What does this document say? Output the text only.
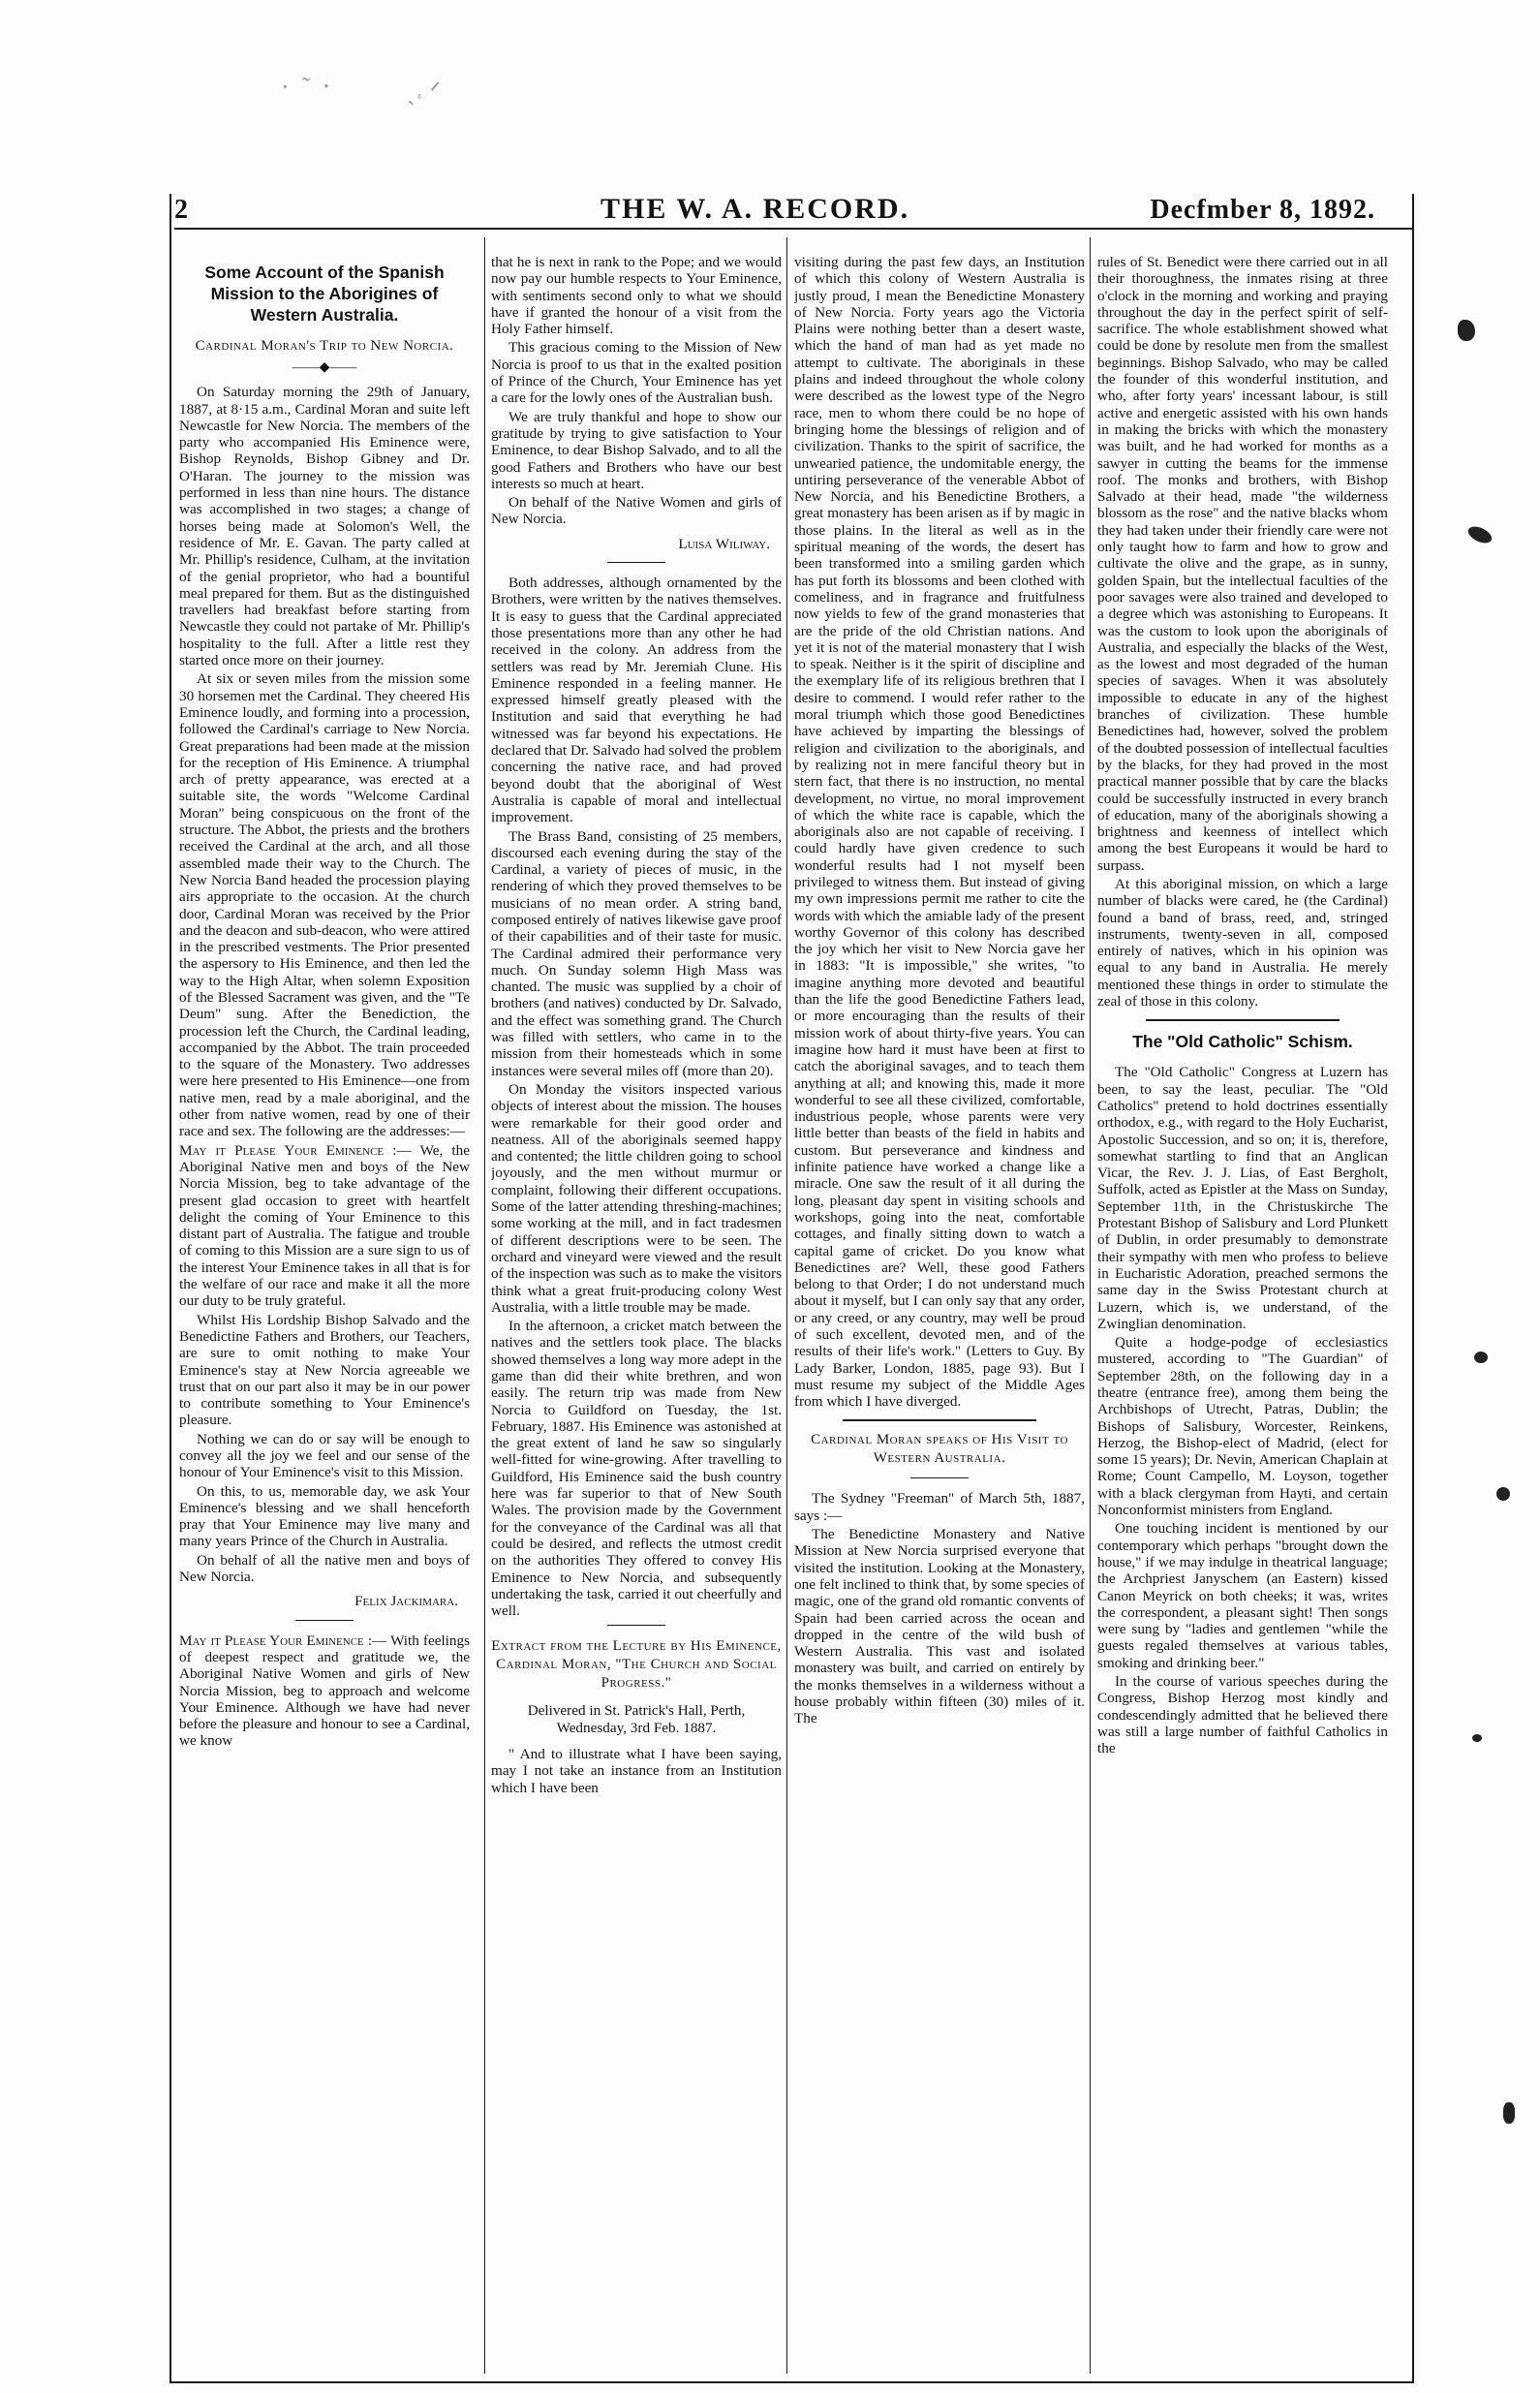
·  ˜  ⸱	ˎ˓ ᐟ
2	THE W. A. RECORD.	Decfmber 8, 1892.
Some Account of the Spanish Mission to the Aborigines of Western Australia.
Cardinal Moran's Trip to New Norcia.
——◆——

On Saturday morning the 29th of January, 1887, at 8·15 a.m., Cardinal Moran and suite left Newcastle for New Norcia. The members of the party who accompanied His Eminence were, Bishop Reynolds, Bishop Gibney and Dr. O'Haran. The journey to the mission was performed in less than nine hours. The distance was accomplished in two stages; a change of horses being made at Solomon's Well, the residence of Mr. E. Gavan. The party called at Mr. Phillip's residence, Culham, at the invitation of the genial proprietor, who had a bountiful meal prepared for them. But as the distinguished travellers had breakfast before starting from Newcastle they could not partake of Mr. Phillip's hospitality to the full. After a little rest they started once more on their journey.

At six or seven miles from the mission some 30 horsemen met the Cardinal. They cheered His Eminence loudly, and forming into a procession, followed the Cardinal's carriage to New Norcia. Great preparations had been made at the mission for the reception of His Eminence. A triumphal arch of pretty appearance, was erected at a suitable site, the words "Welcome Cardinal Moran" being conspicuous on the front of the structure. The Abbot, the priests and the brothers received the Cardinal at the arch, and all those assembled made their way to the Church. The New Norcia Band headed the procession playing airs appropriate to the occasion. At the church door, Cardinal Moran was received by the Prior and the deacon and sub-deacon, who were attired in the prescribed vestments. The Prior presented the aspersory to His Eminence, and then led the way to the High Altar, when solemn Exposition of the Blessed Sacrament was given, and the "Te Deum" sung. After the Benediction, the procession left the Church, the Cardinal leading, accompanied by the Abbot. The train proceeded to the square of the Monastery. Two addresses were here presented to His Eminence—one from native men, read by a male aboriginal, and the other from native women, read by one of their race and sex. The following are the addresses:—

May it Please Your Eminence :— We, the Aboriginal Native men and boys of the New Norcia Mission, beg to take advantage of the present glad occasion to greet with heartfelt delight the coming of Your Eminence to this distant part of Australia. The fatigue and trouble of coming to this Mission are a sure sign to us of the interest Your Eminence takes in all that is for the welfare of our race and make it all the more our duty to be truly grateful.

Whilst His Lordship Bishop Salvado and the Benedictine Fathers and Brothers, our Teachers, are sure to omit nothing to make Your Eminence's stay at New Norcia agreeable we trust that on our part also it may be in our power to contribute something to Your Eminence's pleasure.

Nothing we can do or say will be enough to convey all the joy we feel and our sense of the honour of Your Eminence's visit to this Mission.

On this, to us, memorable day, we ask Your Eminence's blessing and we shall henceforth pray that Your Eminence may live many and many years Prince of the Church in Australia.

On behalf of all the native men and boys of New Norcia.

Felix Jackimara.

May it Please Your Eminence :— With feelings of deepest respect and gratitude we, the Aboriginal Native Women and girls of New Norcia Mission, beg to approach and welcome Your Eminence. Although we have had never before the pleasure and honour to see a Cardinal, we know

that he is next in rank to the Pope; and we would now pay our humble respects to Your Eminence, with sentiments second only to what we should have if granted the honour of a visit from the Holy Father himself.

This gracious coming to the Mission of New Norcia is proof to us that in the exalted position of Prince of the Church, Your Eminence has yet a care for the lowly ones of the Australian bush.

We are truly thankful and hope to show our gratitude by trying to give satisfaction to Your Eminence, to dear Bishop Salvado, and to all the good Fathers and Brothers who have our best interests so much at heart.

On behalf of the Native Women and girls of New Norcia.

Luisa Wiliway.

Both addresses, although ornamented by the Brothers, were written by the natives themselves. It is easy to guess that the Cardinal appreciated those presentations more than any other he had received in the colony. An address from the settlers was read by Mr. Jeremiah Clune. His Eminence responded in a feeling manner. He expressed himself greatly pleased with the Institution and said that everything he had witnessed was far beyond his expectations. He declared that Dr. Salvado had solved the problem concerning the native race, and had proved beyond doubt that the aboriginal of West Australia is capable of moral and intellectual improvement.

The Brass Band, consisting of 25 members, discoursed each evening during the stay of the Cardinal, a variety of pieces of music, in the rendering of which they proved themselves to be musicians of no mean order. A string band, composed entirely of natives likewise gave proof of their capabilities and of their taste for music. The Cardinal admired their performance very much. On Sunday solemn High Mass was chanted. The music was supplied by a choir of brothers (and natives) conducted by Dr. Salvado, and the effect was something grand. The Church was filled with settlers, who came in to the mission from their homesteads which in some instances were several miles off (more than 20).

On Monday the visitors inspected various objects of interest about the mission. The houses were remarkable for their good order and neatness. All of the aboriginals seemed happy and contented; the little children going to school joyously, and the men without murmur or complaint, following their different occupations. Some of the latter attending threshing-machines; some working at the mill, and in fact tradesmen of different descriptions were to be seen. The orchard and vineyard were viewed and the result of the inspection was such as to make the visitors think what a great fruit-producing colony West Australia, with a little trouble may be made.

In the afternoon, a cricket match between the natives and the settlers took place. The blacks showed themselves a long way more adept in the game than did their white brethren, and won easily. The return trip was made from New Norcia to Guildford on Tuesday, the 1st. February, 1887. His Eminence was astonished at the great extent of land he saw so singularly well-fitted for wine-growing. After travelling to Guildford, His Eminence said the bush country here was far superior to that of New South Wales. The provision made by the Government for the conveyance of the Cardinal was all that could be desired, and reflects the utmost credit on the authorities They offered to convey His Eminence to New Norcia, and subsequently undertaking the task, carried it out cheerfully and well.

Extract from the Lecture by His Eminence, Cardinal Moran, "The Church and Social Progress."
Delivered in St. Patrick's Hall, Perth, Wednesday, 3rd Feb. 1887.

" And to illustrate what I have been saying, may I not take an instance from an Institution which I have been

visiting during the past few days, an Institution of which this colony of Western Australia is justly proud, I mean the Benedictine Monastery of New Norcia. Forty years ago the Victoria Plains were nothing better than a desert waste, which the hand of man had as yet made no attempt to cultivate. The aboriginals in these plains and indeed throughout the whole colony were described as the lowest type of the Negro race, men to whom there could be no hope of bringing home the blessings of religion and of civilization. Thanks to the spirit of sacrifice, the unwearied patience, the undomitable energy, the untiring perseverance of the venerable Abbot of New Norcia, and his Benedictine Brothers, a great monastery has been arisen as if by magic in those plains. In the literal as well as in the spiritual meaning of the words, the desert has been transformed into a smiling garden which has put forth its blossoms and been clothed with comeliness, and in fragrance and fruitfulness now yields to few of the grand monasteries that are the pride of the old Christian nations. And yet it is not of the material monastery that I wish to speak. Neither is it the spirit of discipline and the exemplary life of its religious brethren that I desire to commend. I would refer rather to the moral triumph which those good Benedictines have achieved by imparting the blessings of religion and civilization to the aboriginals, and by realizing not in mere fanciful theory but in stern fact, that there is no instruction, no mental development, no virtue, no moral improvement of which the white race is capable, which the aboriginals also are not capable of receiving. I could hardly have given credence to such wonderful results had I not myself been privileged to witness them. But instead of giving my own impressions permit me rather to cite the words with which the amiable lady of the present worthy Governor of this colony has described the joy which her visit to New Norcia gave her in 1883: "It is impossible," she writes, "to imagine anything more devoted and beautiful than the life the good Benedictine Fathers lead, or more encouraging than the results of their mission work of about thirty-five years. You can imagine how hard it must have been at first to catch the aboriginal savages, and to teach them anything at all; and knowing this, made it more wonderful to see all these civilized, comfortable, industrious people, whose parents were very little better than beasts of the field in habits and custom. But perseverance and kindness and infinite patience have worked a change like a miracle. One saw the result of it all during the long, pleasant day spent in visiting schools and workshops, going into the neat, comfortable cottages, and finally sitting down to watch a capital game of cricket. Do you know what Benedictines are? Well, these good Fathers belong to that Order; I do not understand much about it myself, but I can only say that any order, or any creed, or any country, may well be proud of such excellent, devoted men, and of the results of their life's work." (Letters to Guy. By Lady Barker, London, 1885, page 93). But I must resume my subject of the Middle Ages from which I have diverged.

Cardinal Moran speaks of His Visit to Western Australia.

The Sydney "Freeman" of March 5th, 1887, says :—

The Benedictine Monastery and Native Mission at New Norcia surprised everyone that visited the institution. Looking at the Monastery, one felt inclined to think that, by some species of magic, one of the grand old romantic convents of Spain had been carried across the ocean and dropped in the centre of the wild bush of Western Australia. This vast and isolated monastery was built, and carried on entirely by the monks themselves in a wilderness without a house probably within fifteen (30) miles of it. The

rules of St. Benedict were there carried out in all their thoroughness, the inmates rising at three o'clock in the morning and working and praying throughout the day in the perfect spirit of self-sacrifice. The whole establishment showed what could be done by resolute men from the smallest beginnings. Bishop Salvado, who may be called the founder of this wonderful institution, and who, after forty years' incessant labour, is still active and energetic assisted with his own hands in making the bricks with which the monastery was built, and he had worked for months as a sawyer in cutting the beams for the immense roof. The monks and brothers, with Bishop Salvado at their head, made "the wilderness blossom as the rose" and the native blacks whom they had taken under their friendly care were not only taught how to farm and how to grow and cultivate the olive and the grape, as in sunny, golden Spain, but the intellectual faculties of the poor savages were also trained and developed to a degree which was astonishing to Europeans. It was the custom to look upon the aboriginals of Australia, and especially the blacks of the West, as the lowest and most degraded of the human species of savages. When it was absolutely impossible to educate in any of the highest branches of civilization. These humble Benedictines had, however, solved the problem of the doubted possession of intellectual faculties by the blacks, for they had proved in the most practical manner possible that by care the blacks could be successfully instructed in every branch of education, many of the aboriginals showing a brightness and keenness of intellect which among the best Europeans it would be hard to surpass.

At this aboriginal mission, on which a large number of blacks were cared, he (the Cardinal) found a band of brass, reed, and, stringed instruments, twenty-seven in all, composed entirely of natives, which in his opinion was equal to any band in Australia. He merely mentioned these things in order to stimulate the zeal of those in this colony.

The "Old Catholic" Schism.

The "Old Catholic" Congress at Luzern has been, to say the least, peculiar. The "Old Catholics" pretend to hold doctrines essentially orthodox, e.g., with regard to the Holy Eucharist, Apostolic Succession, and so on; it is, therefore, somewhat startling to find that an Anglican Vicar, the Rev. J. J. Lias, of East Bergholt, Suffolk, acted as Epistler at the Mass on Sunday, September 11th, in the Christuskirche The Protestant Bishop of Salisbury and Lord Plunkett of Dublin, in order presumably to demonstrate their sympathy with men who profess to believe in Eucharistic Adoration, preached sermons the same day in the Swiss Protestant church at Luzern, which is, we understand, of the Zwinglian denomination.

Quite a hodge-podge of ecclesiastics mustered, according to "The Guardian" of September 28th, on the following day in a theatre (entrance free), among them being the Archbishops of Utrecht, Patras, Dublin; the Bishops of Salisbury, Worcester, Reinkens, Herzog, the Bishop-elect of Madrid, (elect for some 15 years); Dr. Nevin, American Chaplain at Rome; Count Campello, M. Loyson, together with a black clergyman from Hayti, and certain Nonconformist ministers from England.

One touching incident is mentioned by our contemporary which perhaps "brought down the house," if we may indulge in theatrical language; the Archpriest Janyschem (an Eastern) kissed Canon Meyrick on both cheeks; it was, writes the correspondent, a pleasant sight! Then songs were sung by "ladies and gentlemen "while the guests regaled themselves at various tables, smoking and drinking beer."

In the course of various speeches during the Congress, Bishop Herzog most kindly and condescendingly admitted that he believed there was still a large number of faithful Catholics in the
